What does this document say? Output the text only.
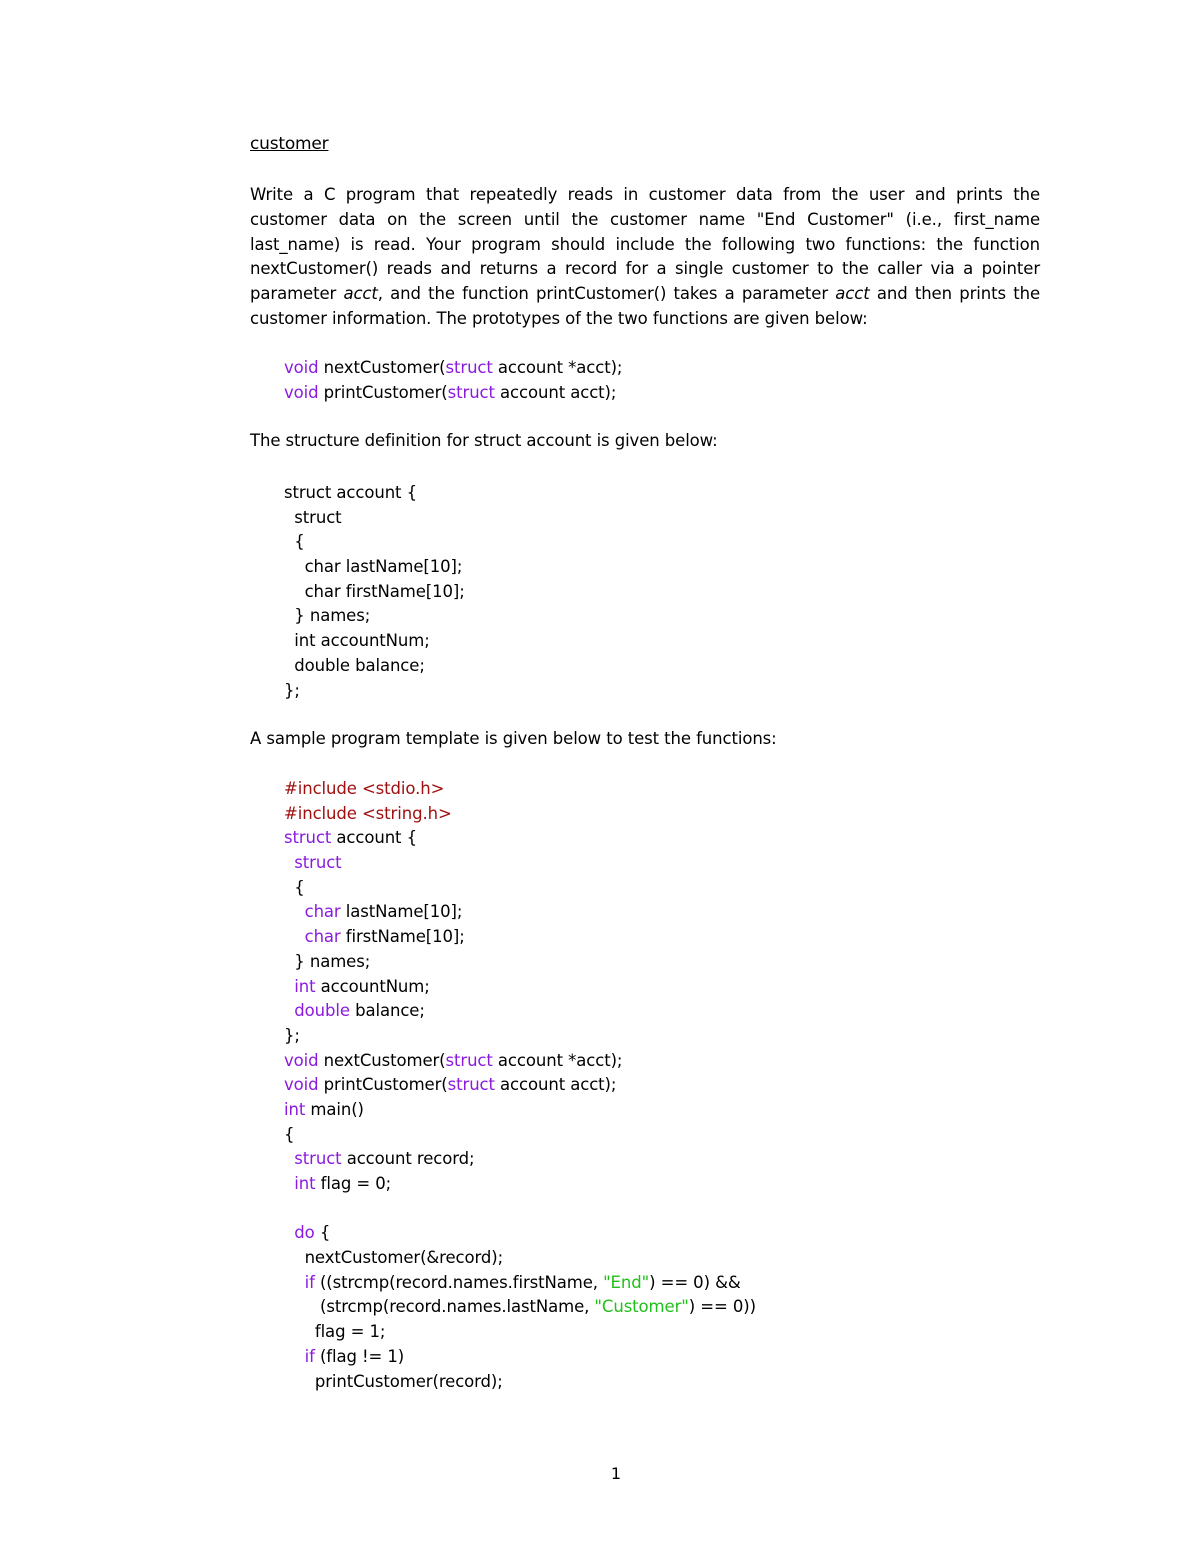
customer
Write a C program that repeatedly reads in customer data from the user and prints the customer data on the screen until the customer name "End Customer" (i.e., first_name last_name) is read. Your program should include the following two functions: the function nextCustomer() reads and returns a record for a single customer to the caller via a pointer parameter acct, and the function printCustomer() takes a parameter acct and then prints the customer information. The prototypes of the two functions are given below:
void nextCustomer(struct account *acct);
void printCustomer(struct account acct);
The structure definition for struct account is given below:
struct account {
struct
{
char lastName[10];
char firstName[10];
} names;
int accountNum;
double balance;
};
A sample program template is given below to test the functions:
#include <stdio.h>
#include <string.h>
struct account {
struct
{
char lastName[10];
char firstName[10];
} names;
int accountNum;
double balance;
};
void nextCustomer(struct account *acct);
void printCustomer(struct account acct);
int main()
{
struct account record;
int flag = 0;

do {
nextCustomer(&record);
if ((strcmp(record.names.firstName, "End") == 0) &&
(strcmp(record.names.lastName, "Customer") == 0))
flag = 1;
if (flag != 1)
printCustomer(record);
1
